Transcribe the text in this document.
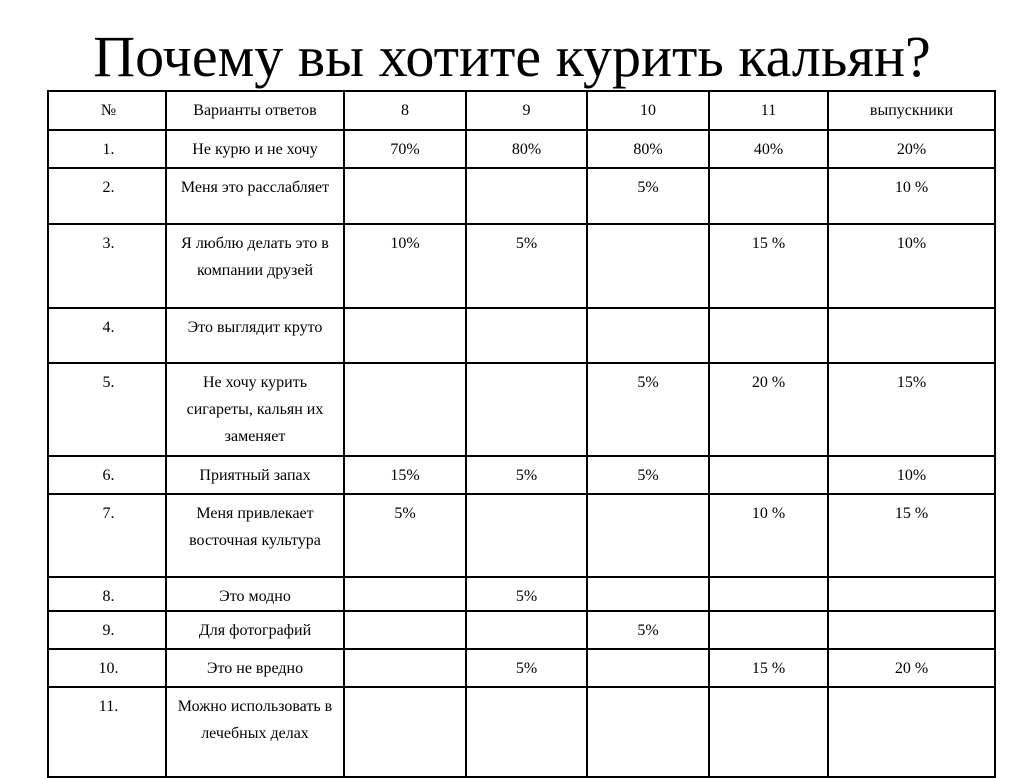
Почему вы хотите курить кальян?
№	Варианты ответов	8	9	10	11	выпускники
1.	Не курю и не хочу	70%	80%	80%	40%	20%
2.	Меня это расслабляет			5%		10 %
3.	Я люблю делать это в компании друзей	10%	5%		15 %	10%
4.	Это выглядит круто					
5.	Не хочу курить сигареты, кальян их заменяет			5%	20 %	15%
6.	Приятный запах	15%	5%	5%		10%
7.	Меня привлекает восточная культура	5%			10 %	15 %
8.	Это модно		5%			
9.	Для фотографий			5%		
10.	Это не вредно		5%		15 %	20 %
11.	Можно использовать в лечебных делах					
